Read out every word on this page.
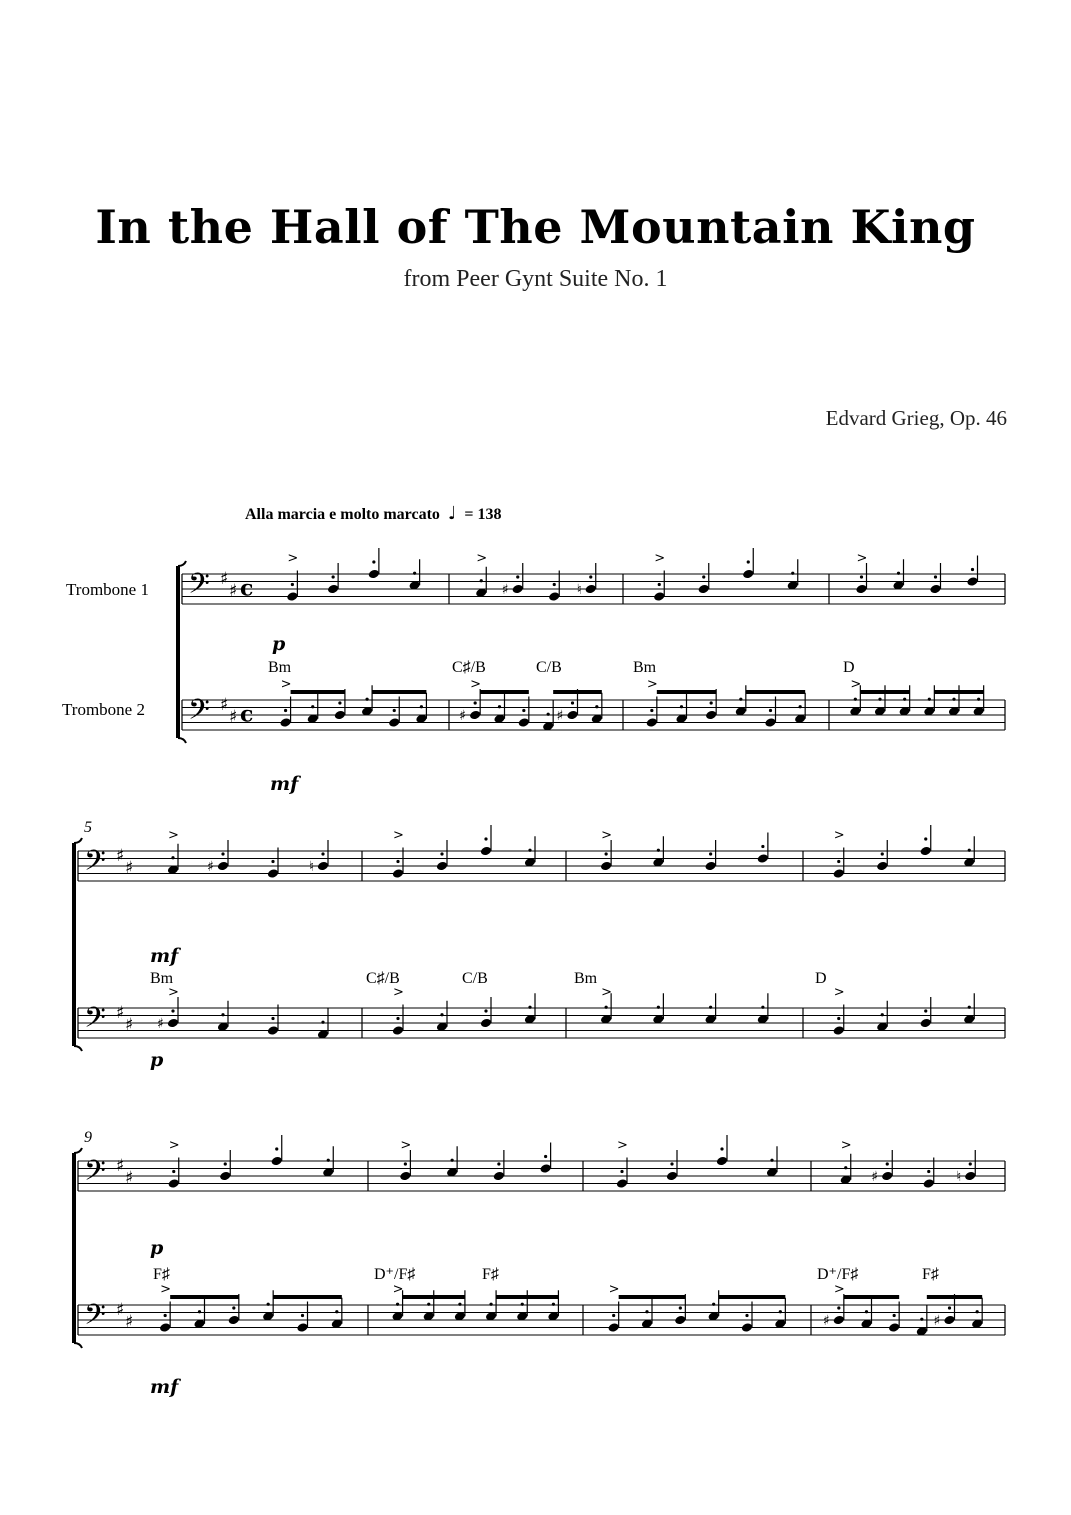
In the Hall of The Mountain King
from Peer Gynt Suite No. 1
Edvard Grieg, Op. 46
Alla marcia e molto marcato ♩ = 138
Trombone 1
Trombone 2
𝄢 ♯
♯ c
>
♯	♮
>	>	>
𝄢 ♯
♯ c
>
♯	♯
>	>	>
Bm	C♯/B	C/B	Bm	D
p
mf
𝄢 ♯
♯	♯	♮
>	>	>	>
𝄢 ♯
♯ ♯
>	>	>	>
5
Bm	C♯/B	C/B	Bm	D
mf
p
𝄢 ♯
♯
>	>	>
♯	♮
>
𝄢 ♯
♯
>	>	>
♯	♯
>
9
F♯	D⁺/F♯	F♯	D⁺/F♯	F♯
p
mf
